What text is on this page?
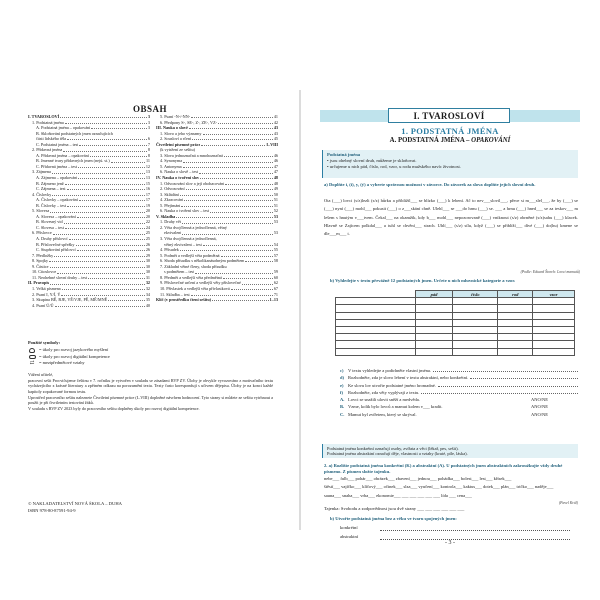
OBSAH
I. TVAROSLOVÍ	3
1. Podstatná jména	3
A. Podstatná jména – opakování	3
B. Skloňování podstatných jmen označujících
části lidského těla	6
C. Podstatná jména – test	7
2. Přídavná jména	8
A. Přídavná jména – opakování	8
B. Jmenné tvary přídavných jmen (nejú. st.)	11
C. Přídavná jména – test	12
3. Zájmena	13
A. Zájmena – opakování	13
B. Zájmeno jenž	15
C. Zájmena – test	16
4. Číslovky	17
A. Číslovky – opakování	17
B. Číslovky – test	19
5. Slovesa	20
A. Slovesa – opakování	20
B. Slovesný vid	22
C. Slovesa – test	24
6. Příslovce	25
A. Druhy příslovcí	25
B. Příslovečné spřežky	26
C. Stupňování příslovcí	26
7. Předložky	29
8. Spojky	30
9. Částice	30
10. Citoslovce	30
11. Neohebné slovní druhy – test	31
II. Pravopis	32
1. Velká písmena	32
2. Psaní I, Y/Í, Ý	34
3. Skupina BĚ, BJE, VĚ/VJE, PĚ, MĚ/MNĚ	35
4. Psaní Ú/Ů	40
5. Psaní -N-/-NN-	41
6. Předpony S-, SE-, Z-, ZE-, VZ-	42
III. Nauka o slově	43
1. Slovo a jeho významy	43
2. Sousloví a rčení	45
Čtvrtletní písemné práce	I–VIII
(k vytržení ze sešitu)
3. Slova jednoznačná a mnohoznačná	46
4. Synonyma	46
5. Antonyma	47
6. Nauka o slově – test	47
IV. Nauka o tvoření slov	48
1. Odvozování slov a její obohacování	48
2. Odvozování	49
3. Skládání	50
4. Zkracování	51
5. Přejímání	51
6. Nauka o tvoření slov – test	52
V. Skladba	53
1. Druhy vět	53
2. Věta dvojčlenná a jednočlenná, větný
ekvivalent	53
3. Věta dvojčlenná a jednočlenná,
větný ekvivalent – test	54
4. Přísudek	55
5. Podmět a vedlejší věta podmětná	57
6. Shoda přísudku s několikanásobným podmětem	58
7. Základní větné členy, shoda přísudku
s podmětem – test	59
8. Předmět a vedlejší věta předmětná	60
9. Příslovečné určení a vedlejší věty příslovečné	62
10. Přívlastek a vedlejší věta přívlastková	67
11. Skladba – test	71
Klíč (v prostředku čtení sešitu)	1–13
Použité symboly:
= úkoly pro rozvoj jazykového myšlení
= úkoly pro rozvoj digitální kompetence
⇄	= mezipředmětové vztahy

Vážení učitelé,

pracovní sešit Procvičujeme češtinu v 7. ročníku je vytvořen v souladu se zásadami RVP ZV. Úlohy je obvykle vyvozováno z motivačního textu vycházejícího z krásné literatury a zpětném odkazu na porozumění textu. Texty často korespondují s učivem dějepisu. Úlohy je na konci každé kapitoly zopakované formou testu.

Uprostřed pracovního sešitu naleznete Čtvrtletní písemné práce (I–VIII) doplněné návrhem hodnocení. Tyto strany si můžete ze sešitu vytrhnout a použít je při čtvrtletním testování žáků.

V souladu s RVP ZV 2023 byly do pracovního sešitu doplněny úkoly pro rozvoj digitální kompetence.

© NAKLADATELSTVÍ NOVÁ ŠKOLA – DUHA
ISBN 978-80-87591-94-9
I. TVAROSLOVÍ
1. PODSTATNÁ JMÉNA
A. PODSTATNÁ JMÉNA – OPAKOVÁNÍ
Podstatná jména
• jsou ohebný slovní druh, můžeme je skloňovat.
• určujeme u nich pád, číslo, rod, vzor, u rodu mužského navíc životnost.
a) Doplňte i, (í), y, (ý) a vyberte správnou možnost v závorce. Do závorek za slova doplňte jejich slovní druh.
Ota (___) lovci (s/z)lezli (s/z) hůrku a přibližil___ se blízko (___) k lebení. Ač to nev___slovil___, přece si m___slel___, že by (___) se (___) nyní (___) mohl___ pokusit (___) o z___skání chně. Ulehl___ se ___do hrnu (___) se. ___ a hrnu (___) hned___ se za teskov___ m lešem s hnutým v___tvem. Čekal___ na okamžik, kdy b___ mohl___ nepozorovaně (___) vniknout (s/z) obrněné (s/z)sahu (___) klacek. Hlavně se Zajícem polkdal___ a tuhl se chvění___ strach. Uhlí___ (s/z) sílu, když (___) se přiblíží___ dívé (___) do(hu) kmene se dle___m___ t.
(Podle: Eduard Štorch: Lovci mamutů)
b) Vyhledejte v textu převážně 12 podstatných jmen. Určete u nich mluvnické kategorie a vzor.
	pád	číslo	rod	vzor

c)	V textu vyhledejte a podtrhněte vlastní jména.
d) Rozhodněte, zda je slovo lebení v textu abstraktní, nebo konkrétní.
e)	Ke slovu lov utvořte podstatné jméno hromadné.
f)	Rozhodněte, zda věty vyplývají z textu.
A. Lovci se snažili ulovit sněží a medvěda.	ANO/NE
B. Vzme, kolik bylo lovců a mamut kolem v___ kradit.	ANO/NE
C. Mamut byl zvířetem, který se skrýval.	ANO/NE
Podstatná jména konkrétní označují osoby, zvířata a věci (lékař, pes, sešit).
Podstatná jména abstraktní označují děje, vlastnosti a vztahy (kruté, píle, láska).
2. a) Rozlište podstatná jména konkrétní (K) a abstraktní (A). U podstatných jmen abstraktních zakroužkujte vždy druhé písmeno. Z písmen složte tajenku.
nebe___ fulb___ pohár___ obrázek___ zbavení___ jednou___ pohádka___ bolest___ lest___ křísek___
štěstí___ vajíčko___ klíčový___ očinek___ slza___ vyučení___ kontrola___ kaktus___ dotek___ plán___ tričko___ naděje___
sauna___ snaha___ vrba___ ekonomie___ ___ ___ ___ ___ ___ lída ___ cena___
(Pavel Král)
Tajenka: Svobodu a zodpovědnost jsou dvě strany ___ ___ ___ ___ ___ ___
b) Utvořte podstatná jména bez a věku ve tvaru spojených jmen:
konkrétní
abstraktní
- 3 -
